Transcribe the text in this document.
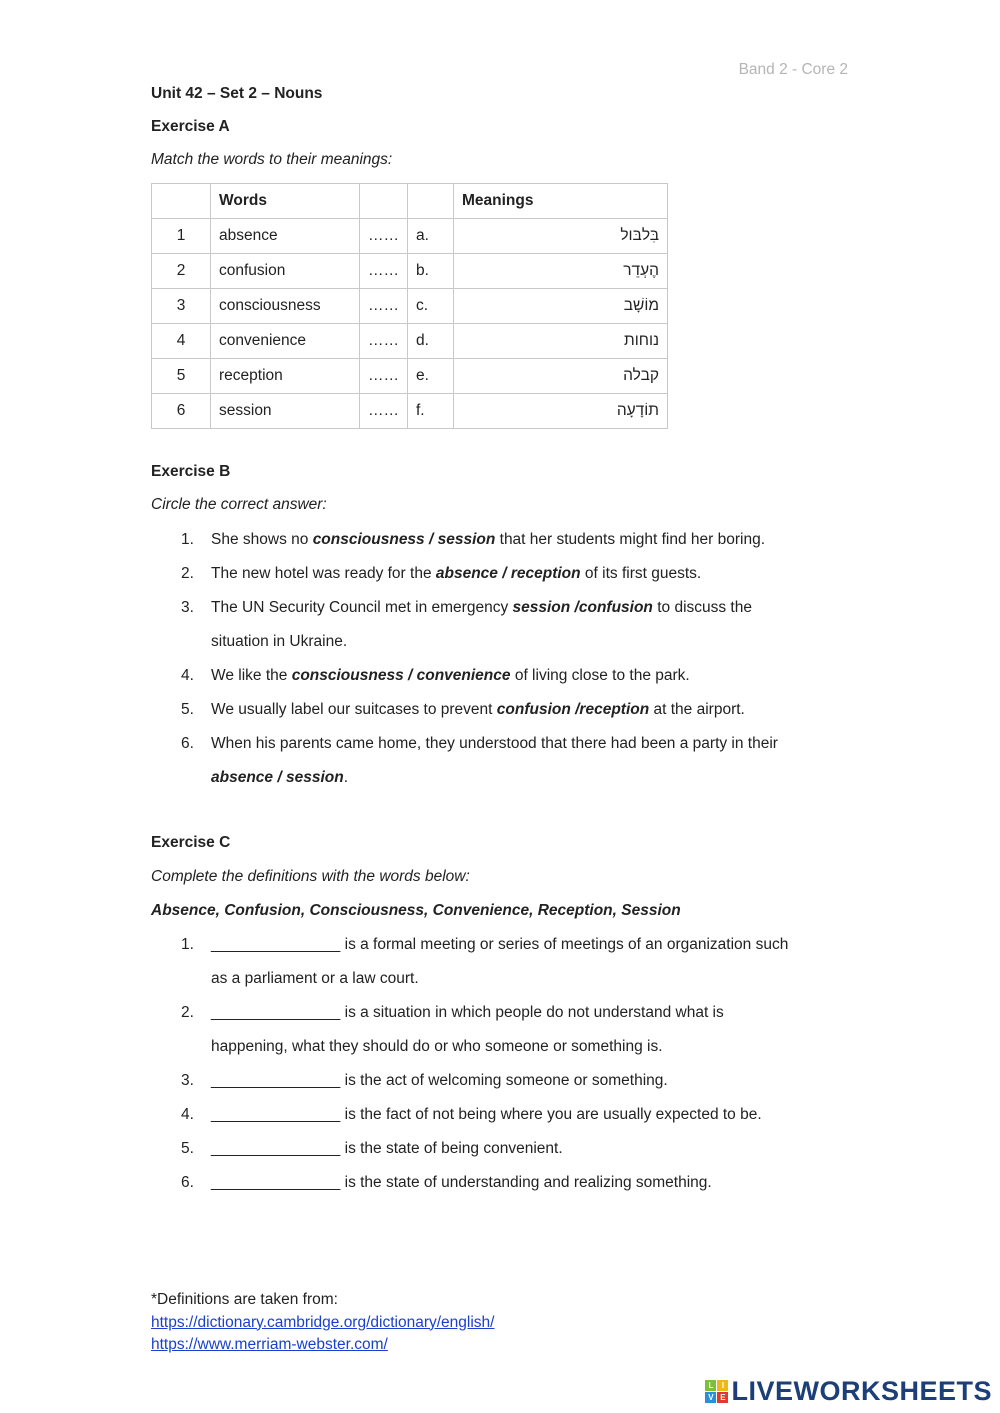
Band 2 - Core 2
Unit 42 – Set 2 – Nouns
Exercise A
Match the words to their meanings:
	Words			Meanings
1	absence	……	a.	בִּלבּול
2	confusion	……	b.	הֶעְדֵר
3	consciousness	……	c.	מוֹשָׁב
4	convenience	……	d.	נוחות
5	reception	……	e.	קבלה
6	session	……	f.	תוֹדָעָה
Exercise B
Circle the correct answer:
1.	She shows no consciousness / session that her students might find her boring.
2.	The new hotel was ready for the absence / reception of its first guests.
3.	The UN Security Council met in emergency session /confusion to discuss the
situation in Ukraine.
4.	We like the consciousness / convenience of living close to the park.
5.	We usually label our suitcases to prevent confusion /reception at the airport.
6.	When his parents came home, they understood that there had been a party in their
absence / session.
Exercise C
Complete the definitions with the words below:
Absence, Confusion, Consciousness, Convenience, Reception, Session
1.	_______________ is a formal meeting or series of meetings of an organization such
as a parliament or a law court.
2.	_______________ is a situation in which people do not understand what is
happening, what they should do or who someone or something is.
3.	_______________ is the act of welcoming someone or something.
4.	_______________ is the fact of not being where you are usually expected to be.
5.	_______________ is the state of being convenient.
6.	_______________ is the state of understanding and realizing something.
*Definitions are taken from:
https://dictionary.cambridge.org/dictionary/english/
https://www.merriam-webster.com/
L	I
V E LIVEWORKSHEETS
